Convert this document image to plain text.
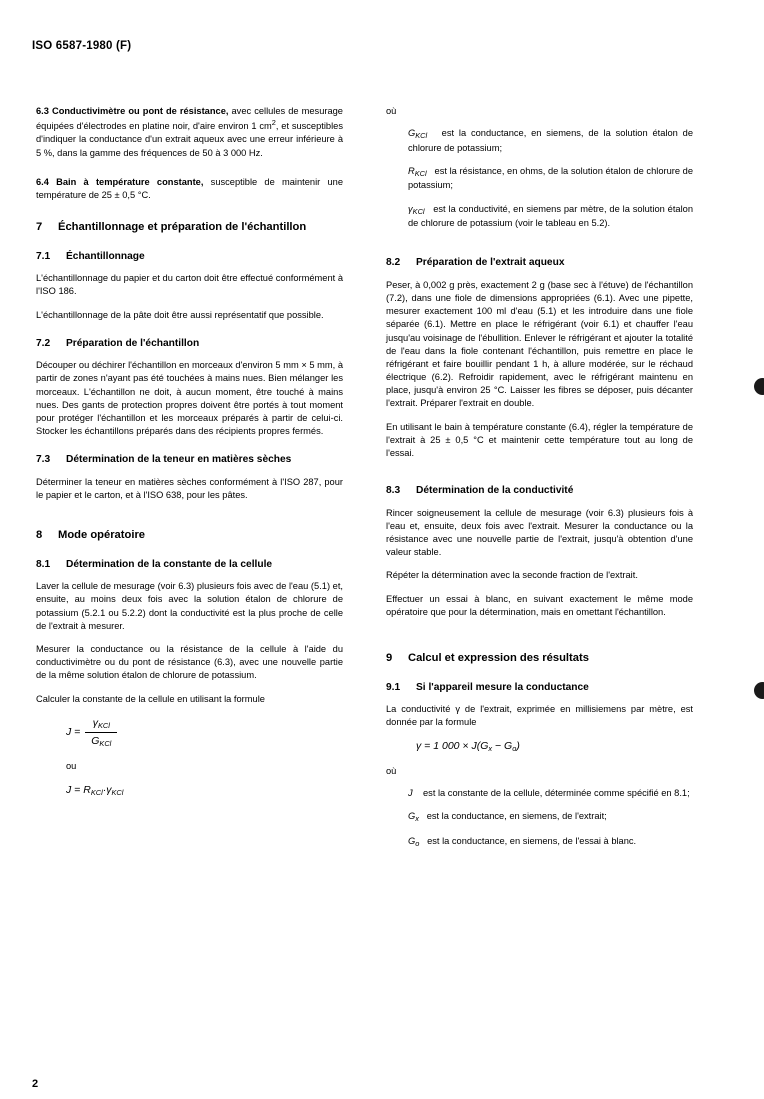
ISO 6587-1980 (F)

6.3 Conductivimètre ou pont de résistance, avec cellules de mesurage équipées d'électrodes en platine noir, d'aire environ 1 $cm^2$, et susceptibles d'indiquer la conductance d'un extrait aqueux avec une erreur inférieure à 5 %, dans la gamme des fréquences de 50 à 3 000 Hz.

6.4 Bain à température constante, susceptible de maintenir une température de 25 ± 0,5 °C.

7 Échantillonnage et préparation de l'échantillon
7.1 Échantillonnage

L'échantillonnage du papier et du carton doit être effectué conformément à l'ISO 186.

L'échantillonnage de la pâte doit être aussi représentatif que possible.

7.2 Préparation de l'échantillon

Découper ou déchirer l'échantillon en morceaux d'environ 5 mm × 5 mm, à partir de zones n'ayant pas été touchées à mains nues. Bien mélanger les morceaux. L'échantillon ne doit, à aucun moment, être touché à mains nues. Des gants de protection propres doivent être portés à tout moment pour protéger l'échantillon et les morceaux préparés à partir de celui-ci. Stocker les échantillons préparés dans des récipients propres fermés.

7.3 Détermination de la teneur en matières sèches

Déterminer la teneur en matières sèches conformément à l'ISO 287, pour le papier et le carton, et à l'ISO 638, pour les pâtes.

8 Mode opératoire
8.1 Détermination de la constante de la cellule

Laver la cellule de mesurage (voir 6.3) plusieurs fois avec de l'eau (5.1) et, ensuite, au moins deux fois avec la solution étalon de chlorure de potassium (5.2.1 ou 5.2.2) dont la conductivité est la plus proche de celle de l'extrait à mesurer.

Mesurer la conductance ou la résistance de la cellule à l'aide du conductivimètre ou du pont de résistance (6.3), avec une nouvelle partie de la même solution étalon de chlorure de potassium.

Calculer la constante de la cellule en utilisant la formule

$J = \frac{\gamma_{KCl}}{G_{KCl}}$

ou

$J = R_{KCl}\cdot\gamma_{KCl}$

où

$G_{KCl}$ est la conductance, en siemens, de la solution étalon de chlorure de potassium;

$R_{KCl}$ est la résistance, en ohms, de la solution étalon de chlorure de potassium;

$\gamma_{KCl}$ est la conductivité, en siemens par mètre, de la solution étalon de chlorure de potassium (voir le tableau en 5.2).

8.2 Préparation de l'extrait aqueux

Peser, à 0,002 g près, exactement 2 g (base sec à l'étuve) de l'échantillon (7.2), dans une fiole de dimensions appropriées (6.1). Avec une pipette, mesurer exactement 100 ml d'eau (5.1) et les introduire dans une fiole séparée (6.1). Mettre en place le réfrigérant (voir 6.1) et chauffer l'eau jusqu'au voisinage de l'ébullition. Enlever le réfrigérant et ajouter la totalité de l'eau dans la fiole contenant l'échantillon, puis remettre en place le réfrigérant et faire bouillir pendant 1 h, à allure modérée, sur le réchaud électrique (6.2). Refroidir rapidement, avec le réfrigérant maintenu en place, jusqu'à environ 25 °C. Laisser les fibres se déposer, puis décanter l'extrait. Préparer l'extrait en double.

En utilisant le bain à température constante (6.4), régler la température de l'extrait à 25 ± 0,5 °C et maintenir cette température tout au long de l'essai.

8.3 Détermination de la conductivité

Rincer soigneusement la cellule de mesurage (voir 6.3) plusieurs fois à l'eau et, ensuite, deux fois avec l'extrait. Mesurer la conductance ou la résistance avec une nouvelle partie de l'extrait, jusqu'à obtention d'une valeur stable.

Répéter la détermination avec la seconde fraction de l'extrait.

Effectuer un essai à blanc, en suivant exactement le même mode opératoire que pour la détermination, mais en omettant l'échantillon.

9 Calcul et expression des résultats
9.1 Si l'appareil mesure la conductance

La conductivité γ de l'extrait, exprimée en millisiemens par mètre, est donnée par la formule

γ = 1 $000 \times J(G_x - G_o)$

où

J est la constante de la cellule, déterminée comme spécifié en 8.1;

$G_x$ est la conductance, en siemens, de l'extrait;

$G_o$ est la conductance, en siemens, de l'essai à blanc.

2
